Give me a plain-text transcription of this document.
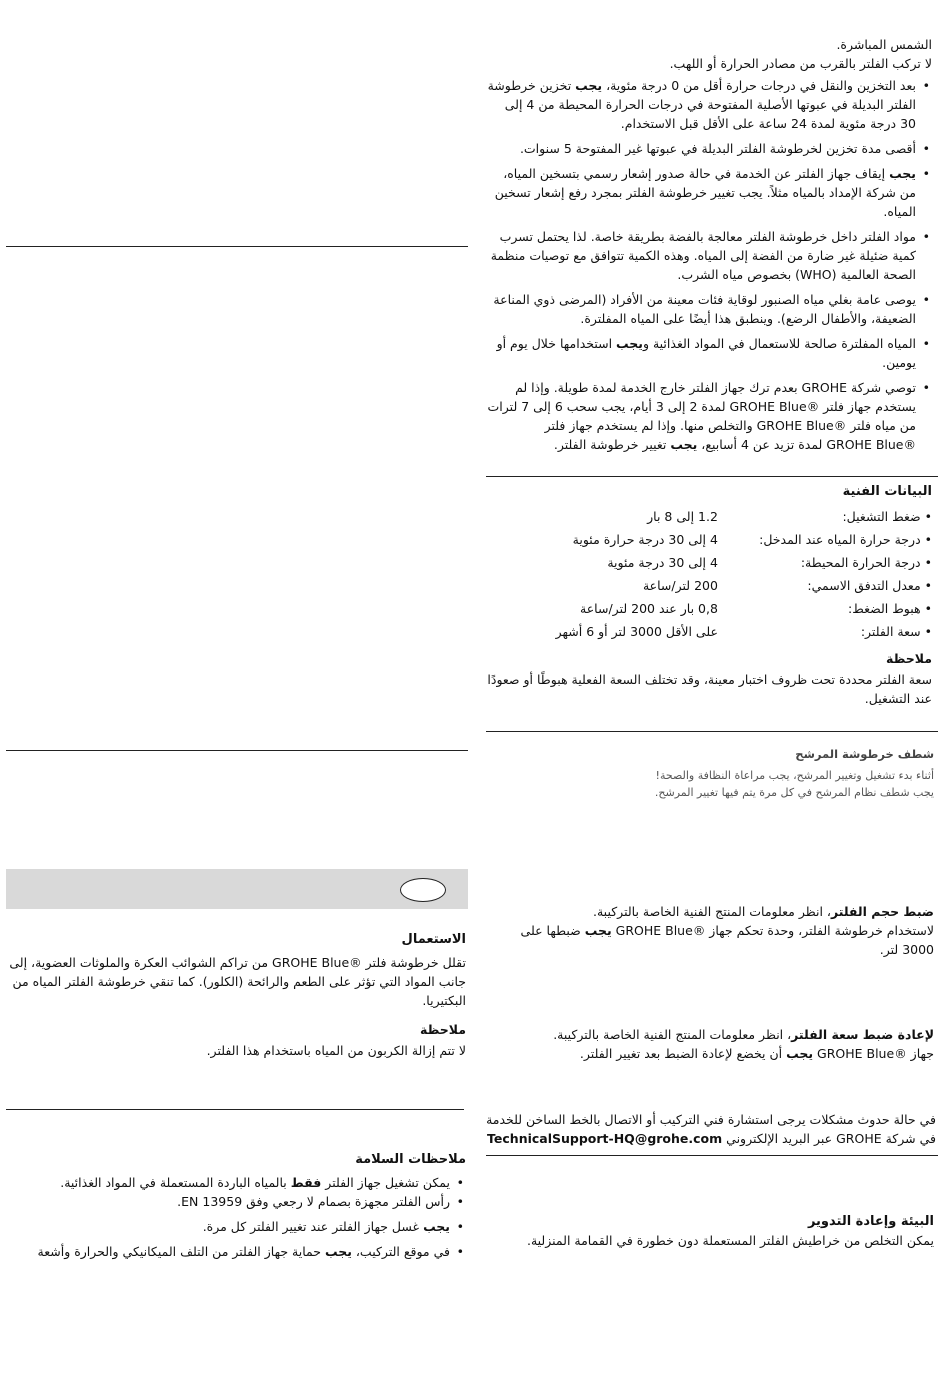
الشمس المباشرة.

لا تركب الفلتر بالقرب من مصادر الحرارة أو اللهب.

• بعد التخزين والنقل في درجات حرارة أقل من 0 درجة مئوية، يجب تخزين خرطوشة الفلتر البديلة في عبوتها الأصلية المفتوحة في درجات الحرارة المحيطة من 4 إلى 30 درجة مئوية لمدة 24 ساعة على الأقل قبل الاستخدام.
• أقصى مدة تخزين لخرطوشة الفلتر البديلة في عبوتها غير المفتوحة 5 سنوات.
• يجب إيقاف جهاز الفلتر عن الخدمة في حالة صدور إشعار رسمي بتسخين المياه، من شركة الإمداد بالمياه مثلاً. يجب تغيير خرطوشة الفلتر بمجرد رفع إشعار تسخين المياه.
• مواد الفلتر داخل خرطوشة الفلتر معالجة بالفضة بطريقة خاصة. لذا يحتمل تسرب كمية ضئيلة غير ضارة من الفضة إلى المياه. وهذه الكمية تتوافق مع توصيات منظمة الصحة العالمية (WHO) بخصوص مياه الشرب.
• يوصى عامة بغلي مياه الصنبور لوقاية فئات معينة من الأفراد (المرضى ذوي المناعة الضعيفة، والأطفال الرضع). وينطبق هذا أيضًا على المياه المفلترة.
• المياه المفلترة صالحة للاستعمال في المواد الغذائية ويجب استخدامها خلال يوم أو يومين.
• توصي شركة GROHE بعدم ترك جهاز الفلتر خارج الخدمة لمدة طويلة. وإذا لم يستخدم جهاز فلتر ®GROHE Blue لمدة 2 إلى 3 أيام، يجب سحب 6 إلى 7 لترات من مياه فلتر ®GROHE Blue والتخلص منها. وإذا لم يستخدم جهاز فلتر ®GROHE Blue لمدة تزيد عن 4 أسابيع، يجب تغيير خرطوشة الفلتر.
البيانات الفنية
• ضغط التشغيل:	1.2 إلى 8 بار
• درجة حرارة المياه عند المدخل:	4 إلى 30 درجة حرارة مئوية
• درجة الحرارة المحيطة:	4 إلى 30 درجة مئوية
• معدل التدفق الاسمي:	200 لتر/ساعة
• هبوط الضغط:	0,8 بار عند 200 لتر/ساعة
• سعة الفلتر:	على الأقل 3000 لتر أو 6 أشهر
ملاحظة

سعة الفلتر محددة تحت ظروف اختبار معينة، وقد تختلف السعة الفعلية هبوطًا أو صعودًا عند التشغيل.

شطف خرطوشة المرشح

أثناء بدء تشغيل وتغيير المرشح، يجب مراعاة النظافة والصحة!

يجب شطف نظام المرشح في كل مرة يتم فيها تغيير المرشح.

الاستعمال

تقلل خرطوشة فلتر ®GROHE Blue من تراكم الشوائب العكرة والملوثات العضوية، إلى جانب المواد التي تؤثر على الطعم والرائحة (الكلور). كما تنقي خرطوشة الفلتر المياه من البكتيريا.

ملاحظة

لا تتم إزالة الكربون من المياه باستخدام هذا الفلتر.

ملاحظات السلامة
• يمكن تشغيل جهاز الفلتر فقط بالمياه الباردة المستعملة في المواد الغذائية.
• رأس الفلتر مجهزة بصمام لا رجعي وفق EN 13959.
• يجب غسل جهاز الفلتر عند تغيير الفلتر كل مرة.
• في موقع التركيب، يجب حماية جهاز الفلتر من التلف الميكانيكي والحرارة وأشعة

ضبط حجم الفلتر، انظر معلومات المنتج الفنية الخاصة بالتركيبة.

لاستخدام خرطوشة الفلتر، وحدة تحكم جهاز ®GROHE Blue يجب ضبطها على 3000 لتر.

لإعادة ضبط سعة الفلتر، انظر معلومات المنتج الفنية الخاصة بالتركيبة.

جهاز ®GROHE Blue يجب أن يخضع لإعادة الضبط بعد تغيير الفلتر.

في حالة حدوث مشكلات يرجى استشارة فني التركيب أو الاتصال بالخط الساخن للخدمة في شركة GROHE عبر البريد الإلكتروني TechnicalSupport-HQ@grohe.com

البيئة وإعادة التدوير

يمكن التخلص من خراطيش الفلتر المستعملة دون خطورة في القمامة المنزلية.
